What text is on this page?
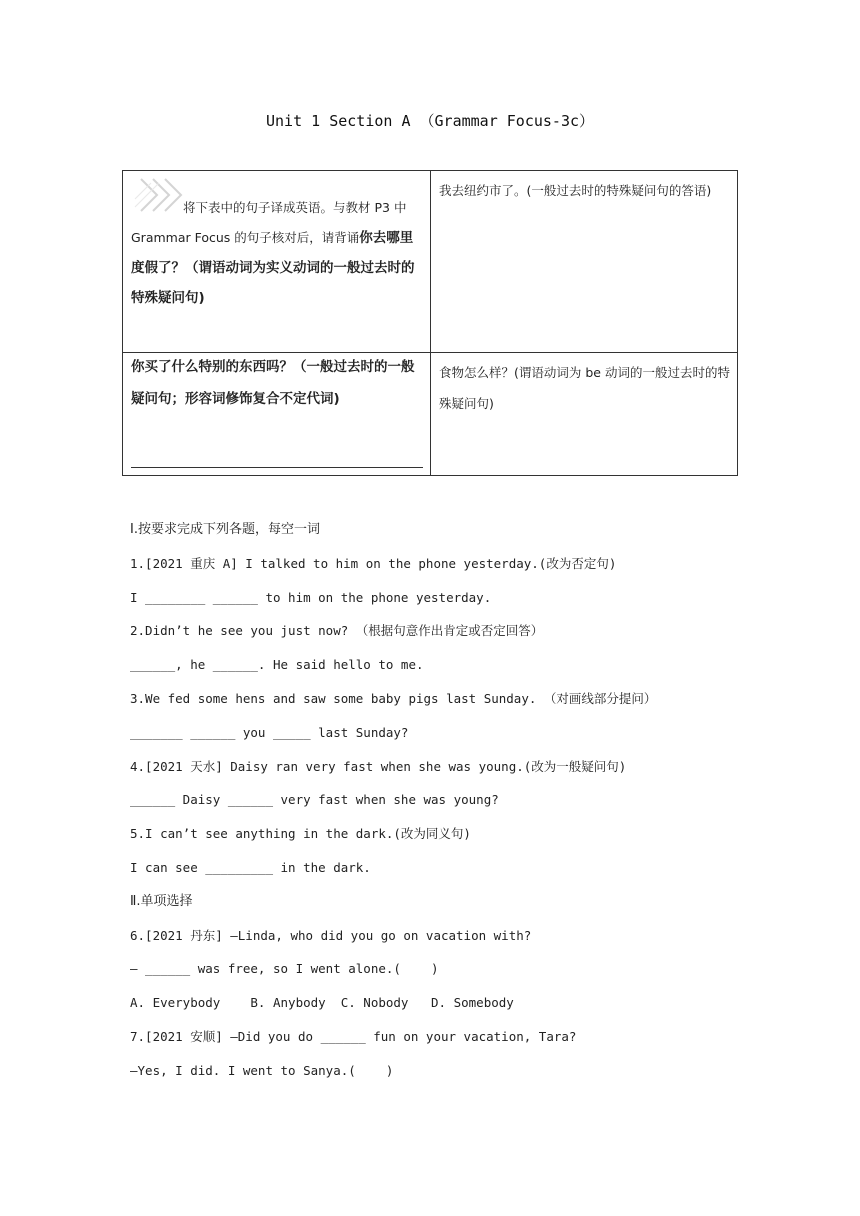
Unit 1 Section A （Grammar Focus-3c）
将下表中的句子译成英语。与教材 P3 中 Grammar Focus 的句子核对后，请背诵你去哪里度假了？（谓语动词为实义动词的一般过去时的特殊疑问句)
我去纽约市了。(一般过去时的特殊疑问句的答语)
你买了什么特别的东西吗？（一般过去时的一般疑问句；形容词修饰复合不定代词)
食物怎么样？(谓语动词为 be 动词的一般过去时的特殊疑问句)
Ⅰ.按要求完成下列各题，每空一词
1.[2021 重庆 A] I talked to him on the phone yesterday.(改为否定句)
I ________ ______ to him on the phone yesterday.
2.Didn’t he see you just now? （根据句意作出肯定或否定回答）
______, he ______. He said hello to me.
3.We fed some hens and saw some baby pigs last Sunday. （对画线部分提问）
_______ ______ you _____ last Sunday?
4.[2021 天水] Daisy ran very fast when she was young.(改为一般疑问句)
______ Daisy ______ very fast when she was young?
5.I can’t see anything in the dark.(改为同义句)
I can see _________ in the dark.
Ⅱ.单项选择
6.[2021 丹东] —Linda, who did you go on vacation with?
— ______ was free, so I went alone.(    )
A. Everybody    B. Anybody  C. Nobody   D. Somebody
7.[2021 安顺] —Did you do ______ fun on your vacation, Tara?
—Yes, I did. I went to Sanya.(    )
